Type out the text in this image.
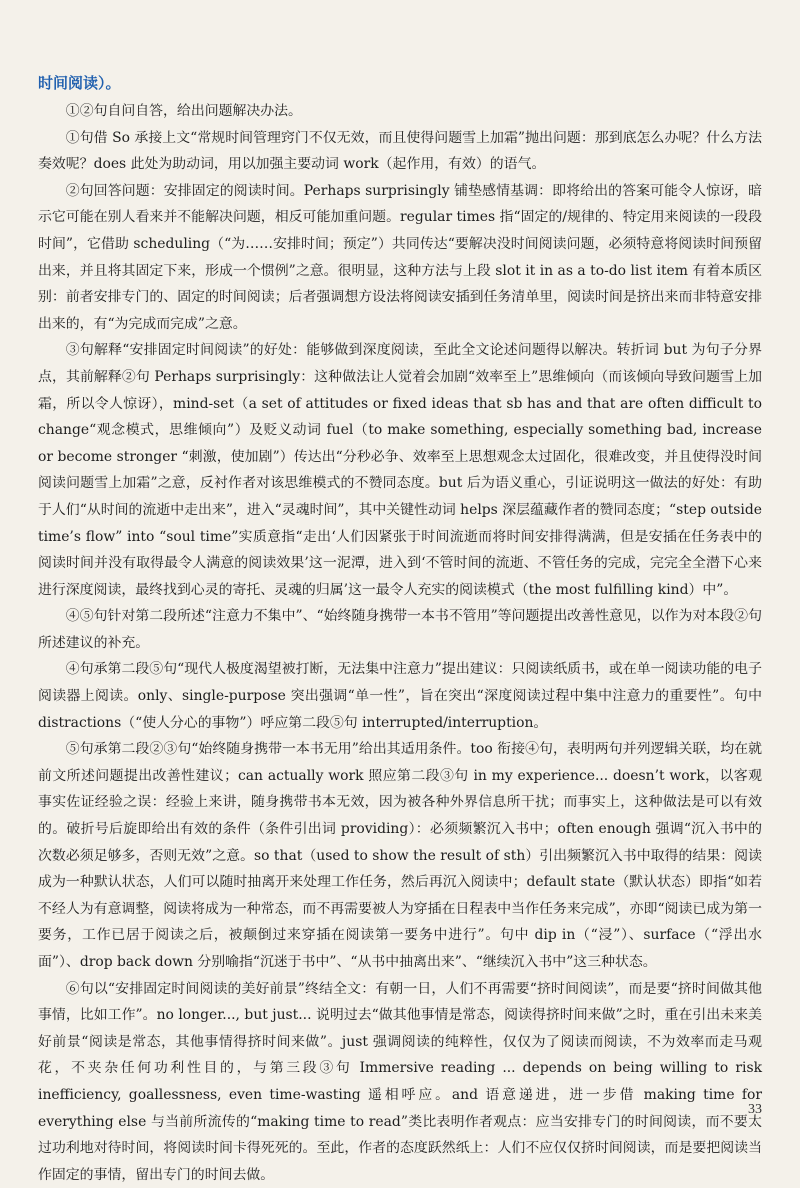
时间阅读）。

①②句自问自答，给出问题解决办法。

①句借 So 承接上文“常规时间管理窍门不仅无效，而且使得问题雪上加霜”抛出问题：那到底怎么办呢？什么方法奏效呢？does 此处为助动词，用以加强主要动词 work（起作用，有效）的语气。

②句回答问题：安排固定的阅读时间。Perhaps surprisingly 铺垫感情基调：即将给出的答案可能令人惊讶，暗示它可能在别人看来并不能解决问题，相反可能加重问题。regular times 指“固定的/规律的、特定用来阅读的一段段时间”，它借助 scheduling（“为……安排时间；预定”）共同传达“要解决没时间阅读问题，必须特意将阅读时间预留出来，并且将其固定下来，形成一个惯例”之意。很明显，这种方法与上段 slot it in as a to-do list item 有着本质区别：前者安排专门的、固定的时间阅读；后者强调想方设法将阅读安插到任务清单里，阅读时间是挤出来而非特意安排出来的，有“为完成而完成”之意。

③句解释“安排固定时间阅读”的好处：能够做到深度阅读，至此全文论述问题得以解决。转折词 but 为句子分界点，其前解释②句 Perhaps surprisingly：这种做法让人觉着会加剧“效率至上”思维倾向（而该倾向导致问题雪上加霜，所以令人惊讶），mind-set（a set of attitudes or fixed ideas that sb has and that are often difficult to change“观念模式，思维倾向”）及贬义动词 fuel（to make something, especially something bad, increase or become stronger “刺激，使加剧”）传达出“分秒必争、效率至上思想观念太过固化，很难改变，并且使得没时间阅读问题雪上加霜”之意，反衬作者对该思维模式的不赞同态度。but 后为语义重心，引证说明这一做法的好处：有助于人们“从时间的流逝中走出来”，进入“灵魂时间”，其中关键性动词 helps 深层蕴藏作者的赞同态度；“step outside time’s flow” into “soul time”实质意指“走出‘人们因紧张于时间流逝而将时间安排得满满，但是安插在任务表中的阅读时间并没有取得最令人满意的阅读效果’这一泥潭，进入到‘不管时间的流逝、不管任务的完成，完完全全潜下心来进行深度阅读，最终找到心灵的寄托、灵魂的归属’这一最令人充实的阅读模式（the most fulfilling kind）中”。

④⑤句针对第二段所述“注意力不集中”、“始终随身携带一本书不管用”等问题提出改善性意见，以作为对本段②句所述建议的补充。

④句承第二段⑤句“现代人极度渴望被打断，无法集中注意力”提出建议：只阅读纸质书，或在单一阅读功能的电子阅读器上阅读。only、single-purpose 突出强调“单一性”，旨在突出“深度阅读过程中集中注意力的重要性”。句中 distractions（“使人分心的事物”）呼应第二段⑤句 interrupted/interruption。

⑤句承第二段②③句“始终随身携带一本书无用”给出其适用条件。too 衔接④句，表明两句并列逻辑关联，均在就前文所述问题提出改善性建议；can actually work 照应第二段③句 in my experience... doesn’t work，以客观事实佐证经验之误：经验上来讲，随身携带书本无效，因为被各种外界信息所干扰；而事实上，这种做法是可以有效的。破折号后旋即给出有效的条件（条件引出词 providing）：必须频繁沉入书中；often enough 强调“沉入书中的次数必须足够多，否则无效”之意。so that（used to show the result of sth）引出频繁沉入书中取得的结果：阅读成为一种默认状态，人们可以随时抽离开来处理工作任务，然后再沉入阅读中；default state（默认状态）即指“如若不经人为有意调整，阅读将成为一种常态，而不再需要被人为穿插在日程表中当作任务来完成”，亦即“阅读已成为第一要务，工作已居于阅读之后，被颠倒过来穿插在阅读第一要务中进行”。句中 dip in（“浸”）、surface（“浮出水面”）、drop back down 分别喻指“沉迷于书中”、“从书中抽离出来”、“继续沉入书中”这三种状态。

⑥句以“安排固定时间阅读的美好前景”终结全文：有朝一日，人们不再需要“挤时间阅读”，而是要“挤时间做其他事情，比如工作”。no longer..., but just... 说明过去“做其他事情是常态，阅读得挤时间来做”之时，重在引出未来美好前景“阅读是常态，其他事情得挤时间来做”。just 强调阅读的纯粹性，仅仅为了阅读而阅读，不为效率而走马观花，不夹杂任何功利性目的，与第三段③句 Immersive reading ... depends on being willing to risk inefficiency, goallessness, even time-wasting 遥相呼应。and 语意递进，进一步借 making time for everything else 与当前所流传的“making time to read”类比表明作者观点：应当安排专门的时间阅读，而不要太过功利地对待时间，将阅读时间卡得死死的。至此，作者的态度跃然纸上：人们不应仅仅挤时间阅读，而是要把阅读当作固定的事情，留出专门的时间去做。

33
